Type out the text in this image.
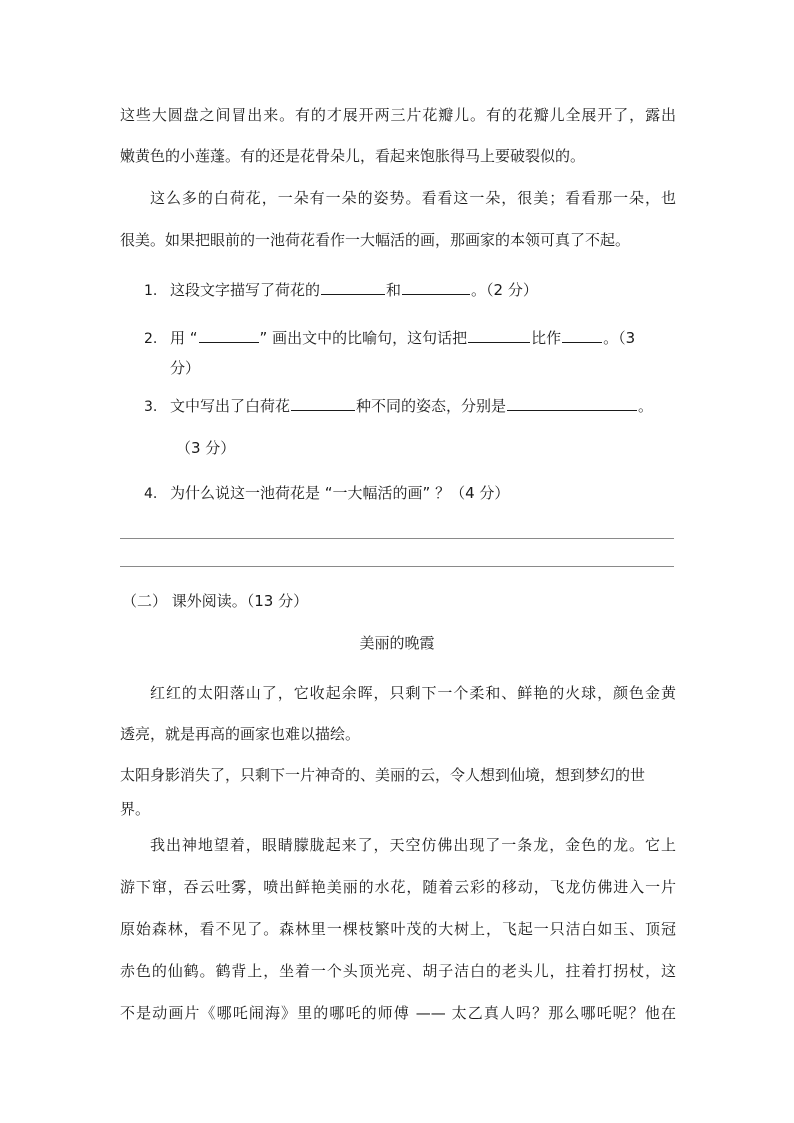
这些大圆盘之间冒出来。有的才展开两三片花瓣儿。有的花瓣儿全展开了，露出
嫩黄色的小莲蓬。有的还是花骨朵儿，看起来饱胀得马上要破裂似的。
这么多的白荷花，一朵有一朵的姿势。看看这一朵，很美；看看那一朵，也
很美。如果把眼前的一池荷花看作一大幅活的画，那画家的本领可真了不起。
1. 这段文字描写了荷花的	和	。（2 分）
2. 用 “	” 画出文中的比喻句，这句话把	比作	。（3
分）
3. 文中写出了白荷花	种不同的姿态，分别是	。
（3 分）
4. 为什么说这一池荷花是 “一大幅活的画” ？（4 分）
（二） 课外阅读。（13 分）
美丽的晚霞
红红的太阳落山了，它收起余晖，只剩下一个柔和、鲜艳的火球，颜色金黄
透亮，就是再高的画家也难以描绘。
太阳身影消失了，只剩下一片神奇的、美丽的云，令人想到仙境，想到梦幻的世
界。
我出神地望着，眼睛朦胧起来了，天空仿佛出现了一条龙，金色的龙。它上
游下窜，吞云吐雾，喷出鲜艳美丽的水花，随着云彩的移动，飞龙仿佛进入一片
原始森林，看不见了。森林里一棵枝繁叶茂的大树上，飞起一只洁白如玉、顶冠
赤色的仙鹤。鹤背上，坐着一个头顶光亮、胡子洁白的老头儿，拄着打拐杖，这
不是动画片《哪吒闹海》里的哪吒的师傅 —— 太乙真人吗？那么哪吒呢？他在
